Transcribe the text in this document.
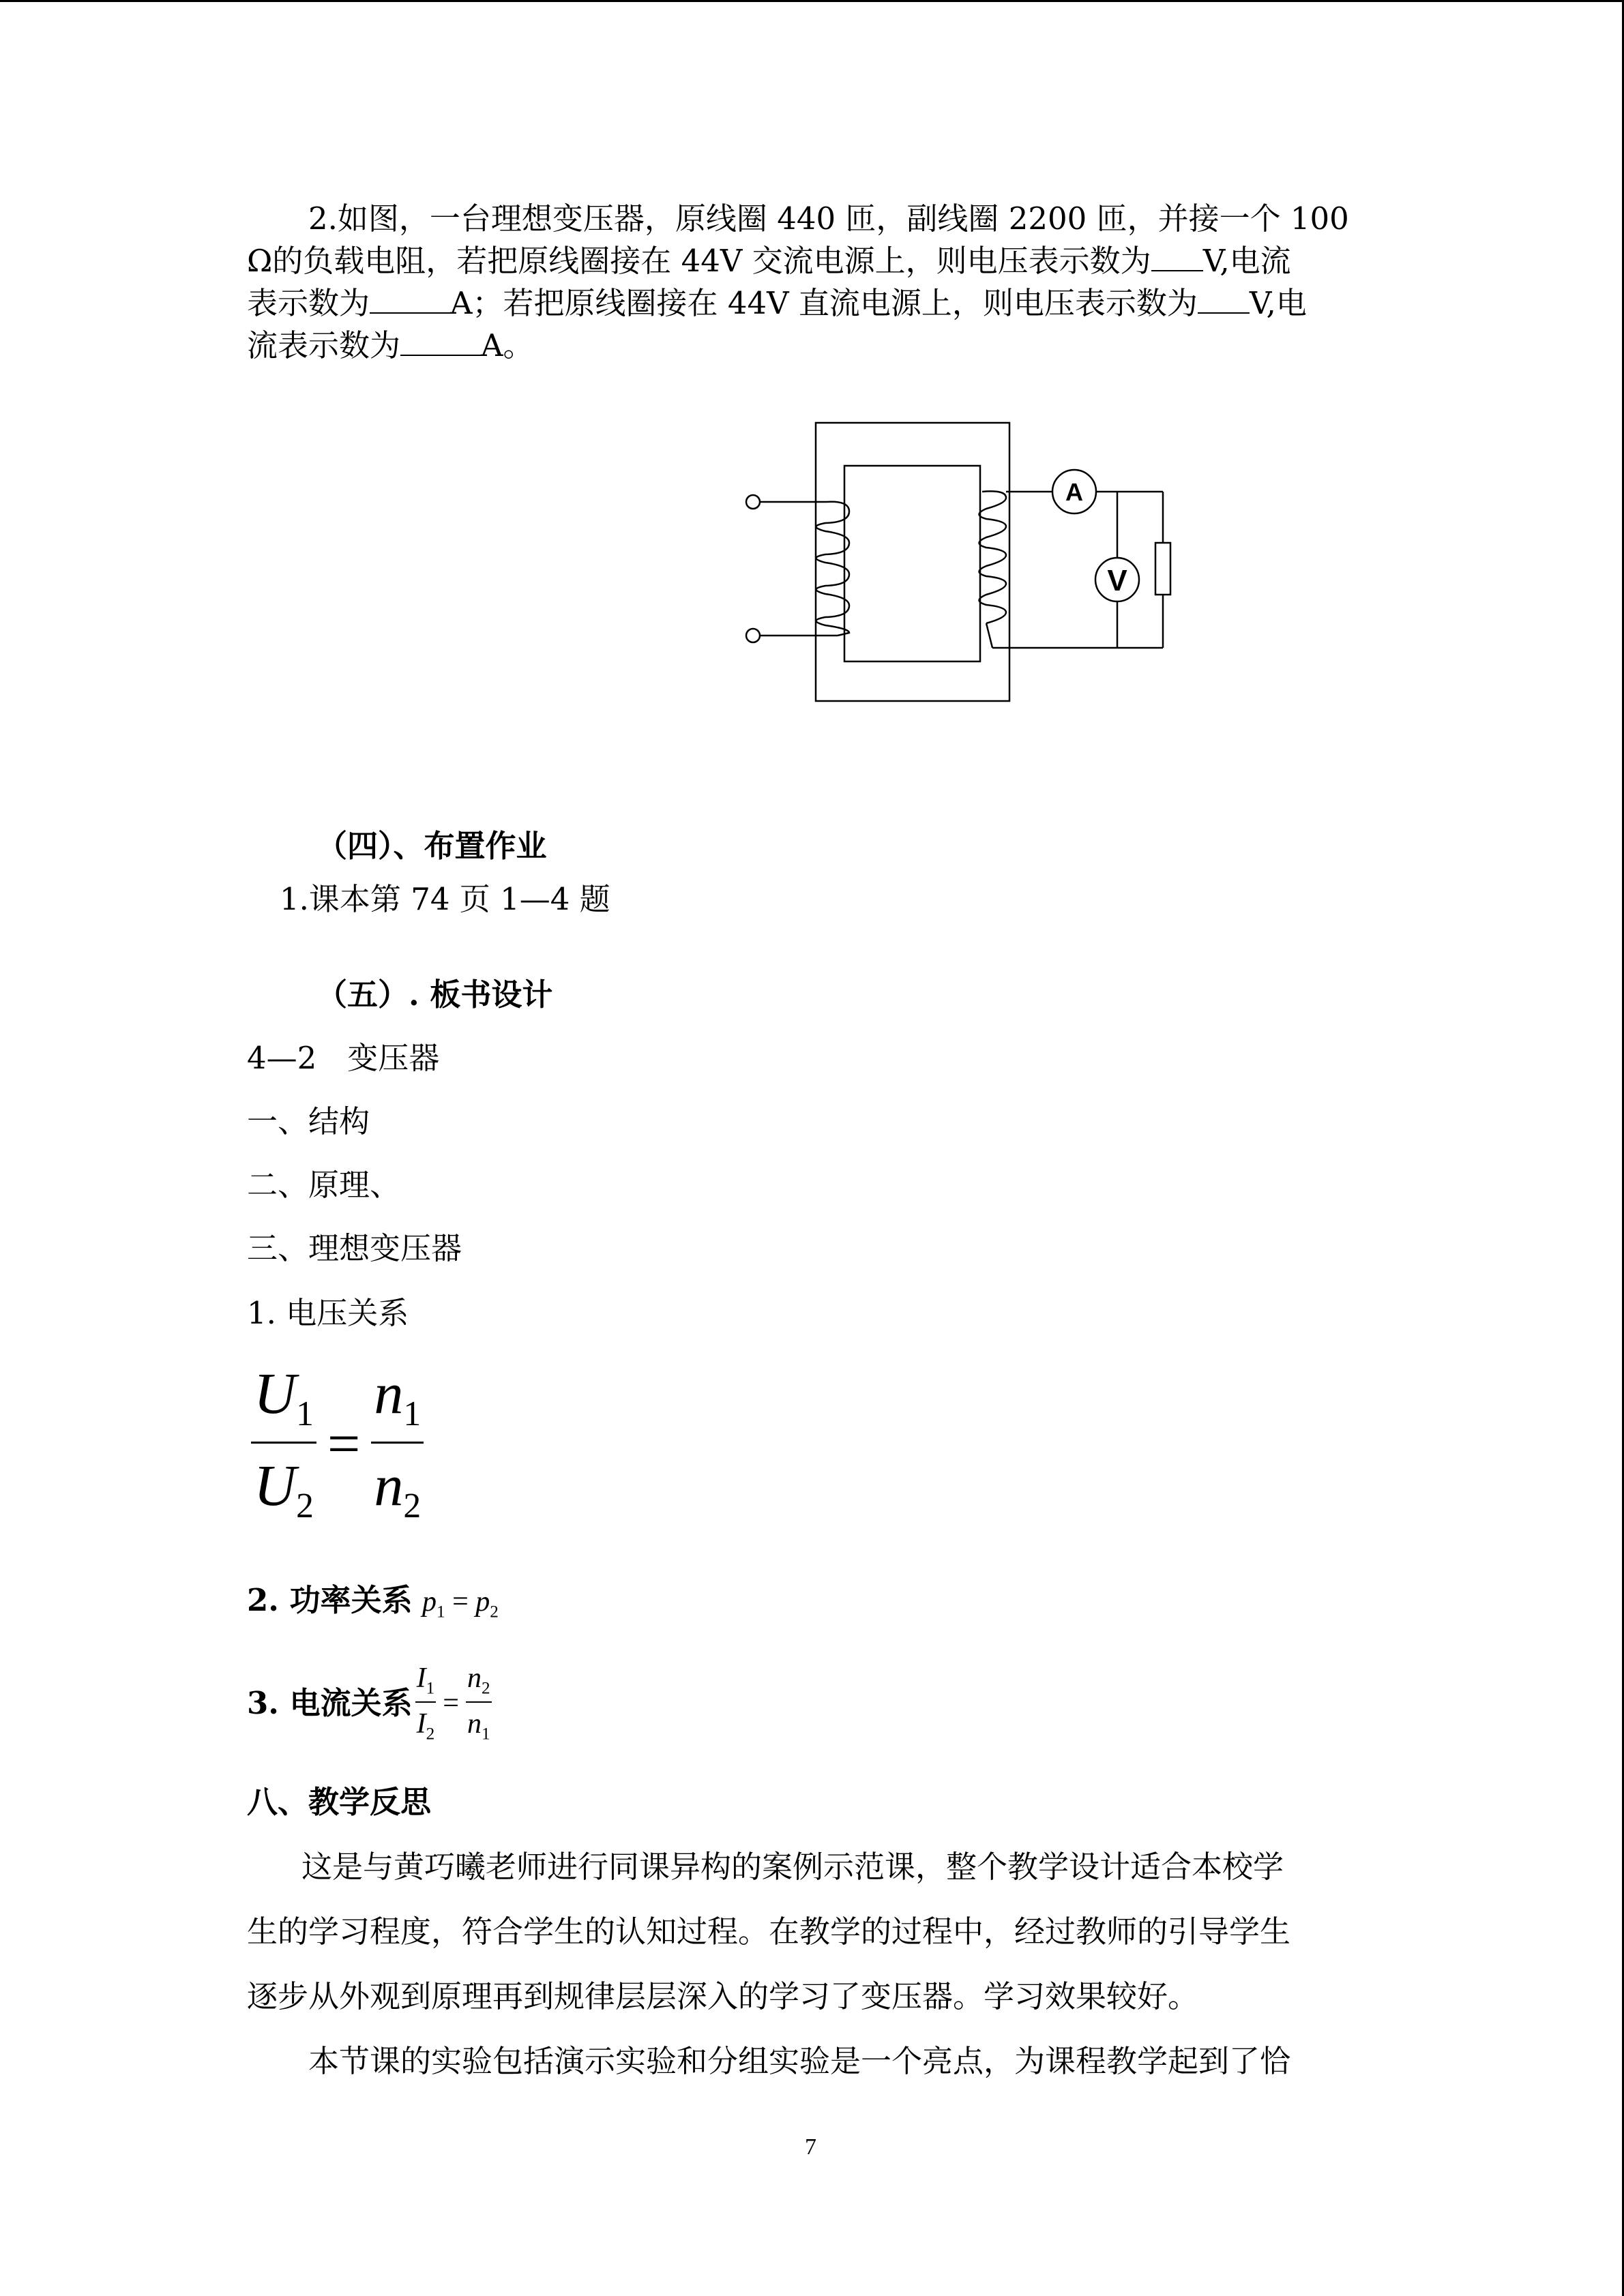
2.如图，一台理想变压器，原线圈 440 匝，副线圈 2200 匝，并接一个 100
Ω的负载电阻，若把原线圈接在 44V 交流电源上，则电压表示数为 V,电流
表示数为	A；若把原线圈接在 44V 直流电源上，则电压表示数为 V,电
流表示数为	A。
A
V
（四）、布置作业
1.课本第 74 页 1—4 题
（五）. 板书设计
4—2　变压器
一、结构
二、原理、
三、理想变压器
1. 电压关系
$\frac{U_1}{U_2} = \frac{n_1}{n_2}$
2. 功率关系 $p_1 = p_2$
3. 电流关系 $\frac{I_1}{I_2} = \frac{n_2}{n_1}$
八、教学反思
这是与黄巧曦老师进行同课异构的案例示范课，整个教学设计适合本校学
生的学习程度，符合学生的认知过程。在教学的过程中，经过教师的引导学生
逐步从外观到原理再到规律层层深入的学习了变压器。学习效果较好。
本节课的实验包括演示实验和分组实验是一个亮点，为课程教学起到了恰
7
